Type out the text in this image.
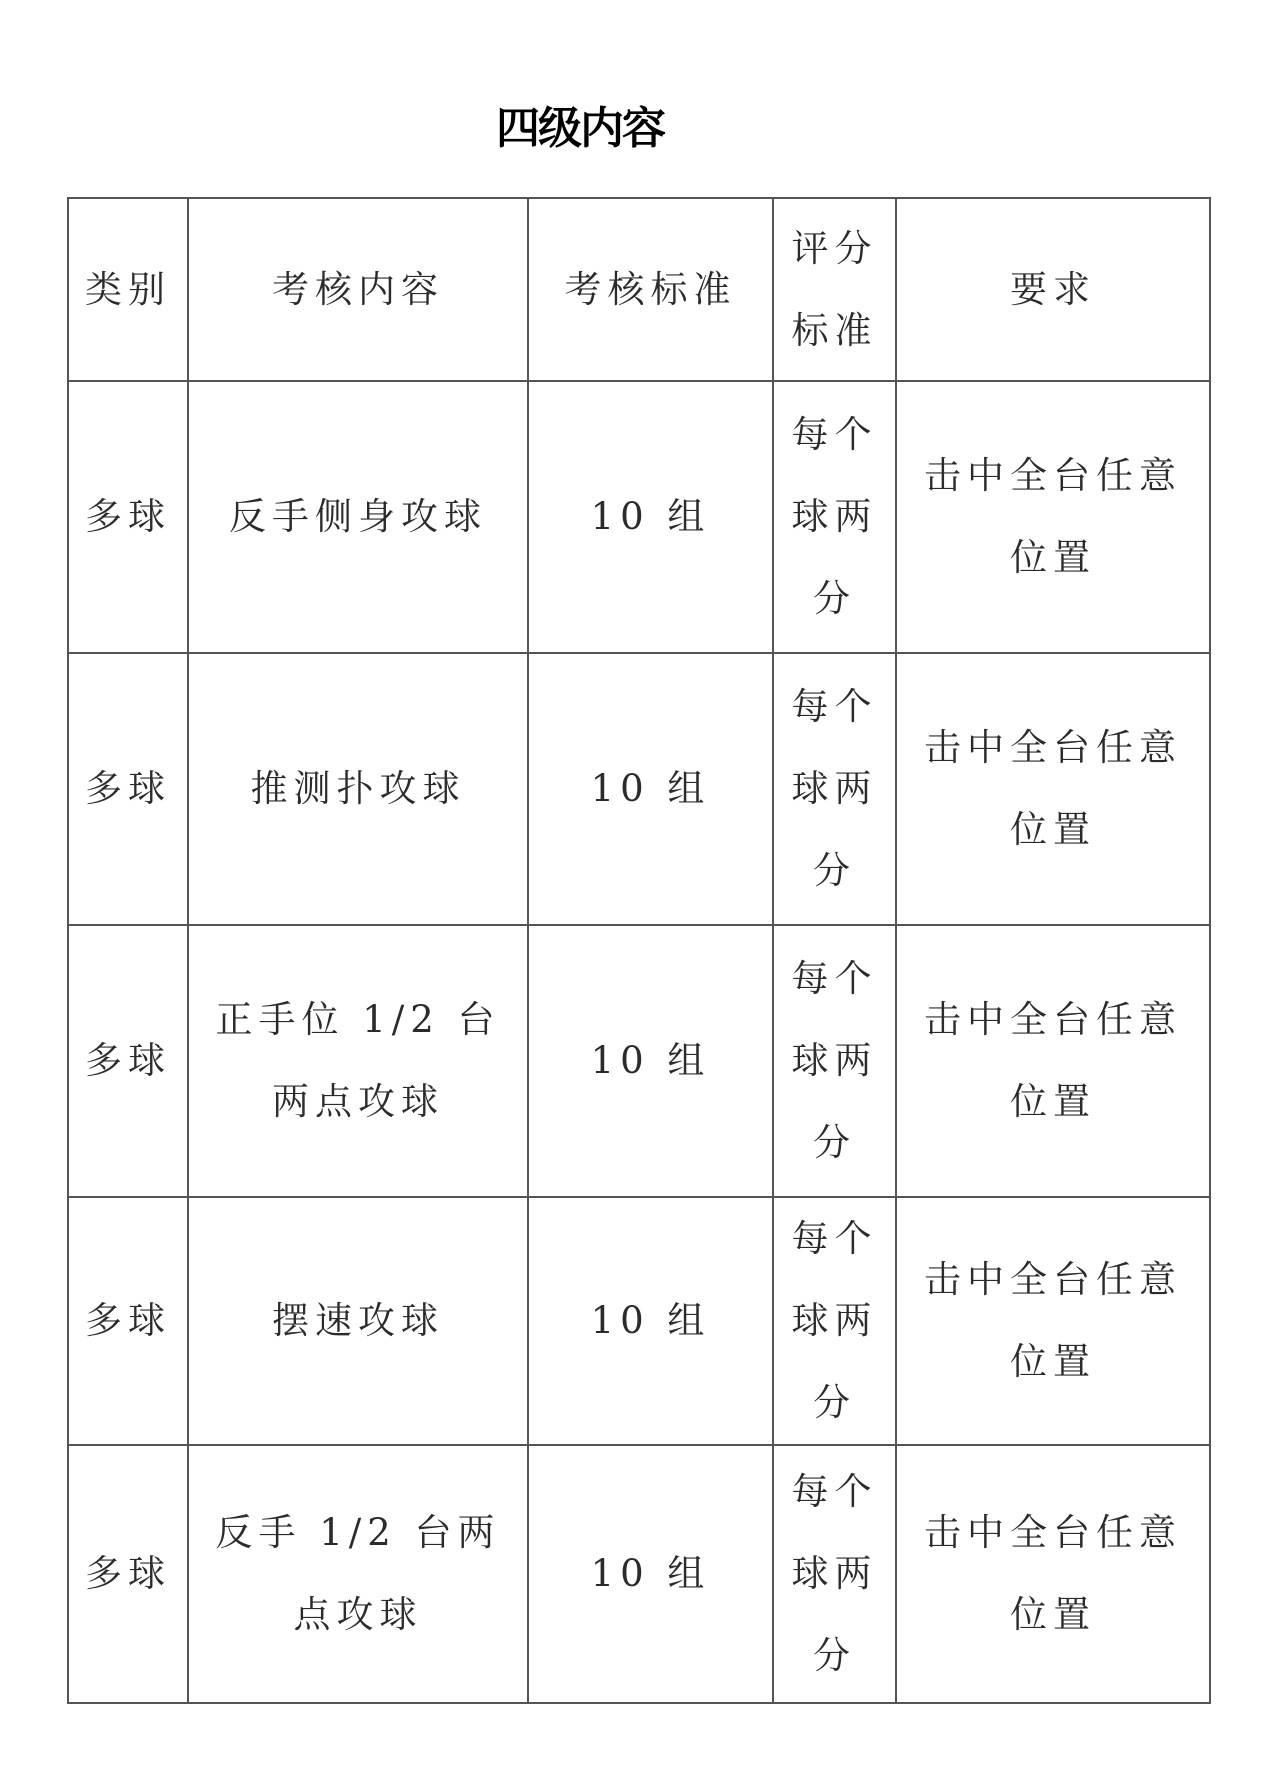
四级内容
类别	考核内容	考核标准	评分标准	要求
多球	反手侧身攻球	10 组	每个球两分	击中全台任意位置
多球	推测扑攻球	10 组	每个球两分	击中全台任意位置
多球	正手位 1/2 台两点攻球	10 组	每个球两分	击中全台任意位置
多球	摆速攻球	10 组	每个球两分	击中全台任意位置
多球	反手 1/2 台两点攻球	10 组	每个球两分	击中全台任意位置
